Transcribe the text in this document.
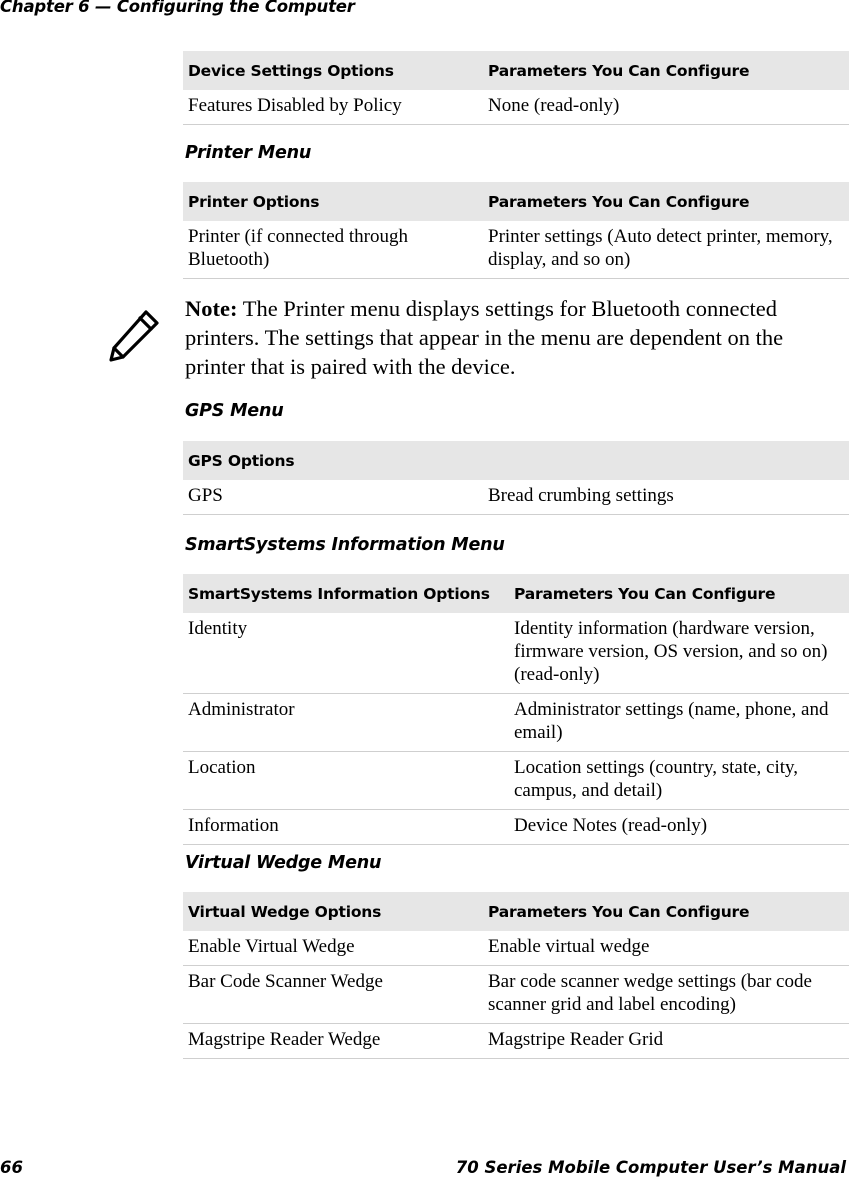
Chapter 6 — Configuring the Computer
Device Settings Options	Parameters You Can Configure
Features Disabled by Policy	None (read-only)
Printer Menu
Printer Options	Parameters You Can Configure
Printer (if connected through Bluetooth)	Printer settings (Auto detect printer, memory, display, and so on)
Note: The Printer menu displays settings for Bluetooth connected printers. The settings that appear in the menu are dependent on the printer that is paired with the device.
GPS Menu
GPS Options	
GPS	Bread crumbing settings
SmartSystems Information Menu
SmartSystems Information Options	Parameters You Can Configure
Identity	Identity information (hardware version, firmware version, OS version, and so on) (read-only)
Administrator	Administrator settings (name, phone, and email)
Location	Location settings (country, state, city, campus, and detail)
Information	Device Notes (read-only)
Virtual Wedge Menu
Virtual Wedge Options	Parameters You Can Configure
Enable Virtual Wedge	Enable virtual wedge
Bar Code Scanner Wedge	Bar code scanner wedge settings (bar code scanner grid and label encoding)
Magstripe Reader Wedge	Magstripe Reader Grid
66	70 Series Mobile Computer User’s Manual
